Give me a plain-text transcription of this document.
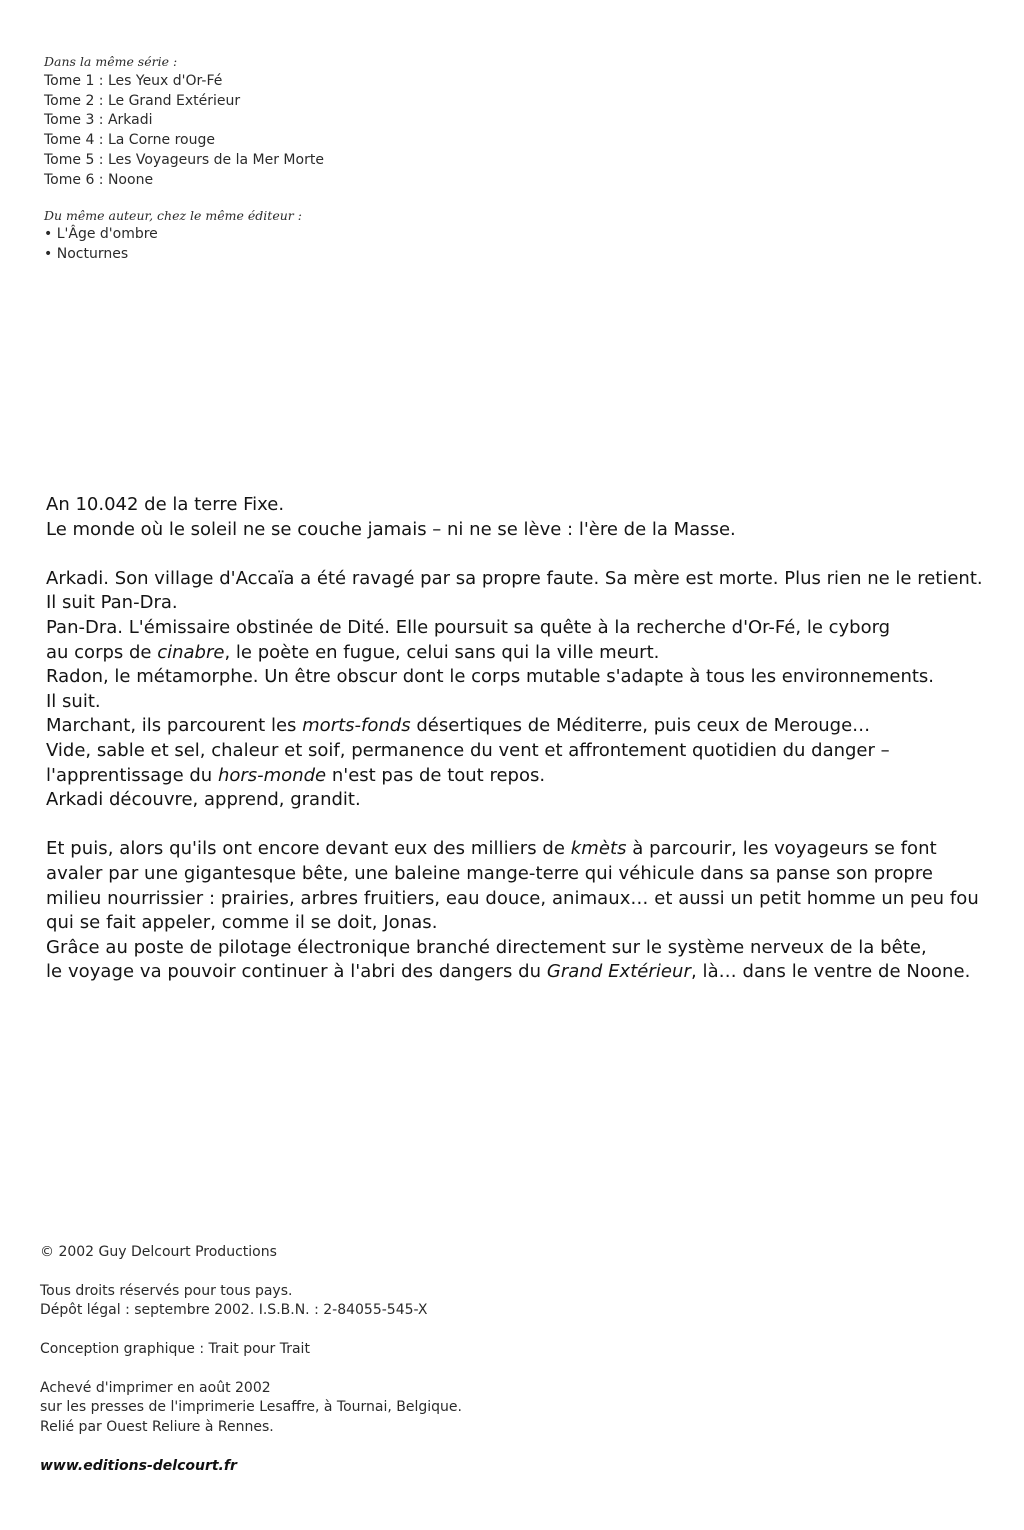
Dans la même série :
Tome 1 : Les Yeux d'Or-Fé
Tome 2 : Le Grand Extérieur
Tome 3 : Arkadi
Tome 4 : La Corne rouge
Tome 5 : Les Voyageurs de la Mer Morte
Tome 6 : Noone
Du même auteur, chez le même éditeur :
• L'Âge d'ombre
• Nocturnes

An 10.042 de la terre Fixe.

Le monde où le soleil ne se couche jamais – ni ne se lève : l'ère de la Masse.

Arkadi. Son village d'Accaïa a été ravagé par sa propre faute. Sa mère est morte. Plus rien ne le retient.

Il suit Pan-Dra.

Pan-Dra. L'émissaire obstinée de Dité. Elle poursuit sa quête à la recherche d'Or-Fé, le cyborg

au corps de cinabre, le poète en fugue, celui sans qui la ville meurt.

Radon, le métamorphe. Un être obscur dont le corps mutable s'adapte à tous les environnements.

Il suit.

Marchant, ils parcourent les morts-fonds désertiques de Méditerre, puis ceux de Merouge…

Vide, sable et sel, chaleur et soif, permanence du vent et affrontement quotidien du danger –

l'apprentissage du hors-monde n'est pas de tout repos.

Arkadi découvre, apprend, grandit.

Et puis, alors qu'ils ont encore devant eux des milliers de kmèts à parcourir, les voyageurs se font

avaler par une gigantesque bête, une baleine mange-terre qui véhicule dans sa panse son propre

milieu nourrissier : prairies, arbres fruitiers, eau douce, animaux… et aussi un petit homme un peu fou

qui se fait appeler, comme il se doit, Jonas.

Grâce au poste de pilotage électronique branché directement sur le système nerveux de la bête,

le voyage va pouvoir continuer à l'abri des dangers du Grand Extérieur, là… dans le ventre de Noone.

© 2002 Guy Delcourt Productions
Tous droits réservés pour tous pays.
Dépôt légal : septembre 2002. I.S.B.N. : 2-84055-545-X
Conception graphique : Trait pour Trait
Achevé d'imprimer en août 2002
sur les presses de l'imprimerie Lesaffre, à Tournai, Belgique.
Relié par Ouest Reliure à Rennes.
www.editions-delcourt.fr
